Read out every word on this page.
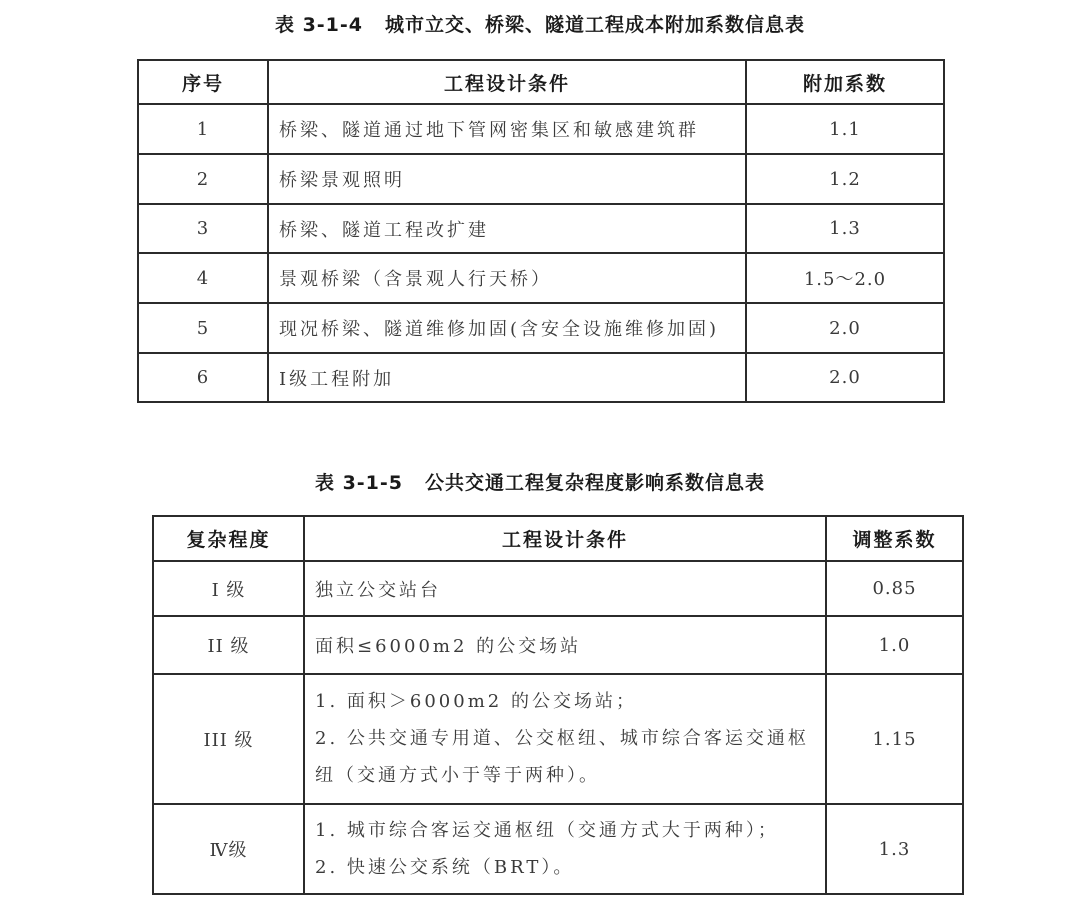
表 3-1-4 城市立交、桥梁、隧道工程成本附加系数信息表
序号	工程设计条件	附加系数
1	桥梁、隧道通过地下管网密集区和敏感建筑群	1.1
2	桥梁景观照明	1.2
3	桥梁、隧道工程改扩建	1.3
4	景观桥梁（含景观人行天桥）	1.5～2.0
5	现况桥梁、隧道维修加固(含安全设施维修加固)	2.0
6	Ⅰ级工程附加	2.0
表 3-1-5 公共交通工程复杂程度影响系数信息表
复杂程度	工程设计条件	调整系数
I 级	独立公交站台	0.85
II 级	面积≤6000m2 的公交场站	1.0
III 级	1. 面积＞6000m2 的公交场站；
2. 公共交通专用道、公交枢纽、城市综合客运交通枢
纽（交通方式小于等于两种）。	1.15
Ⅳ级	1. 城市综合客运交通枢纽（交通方式大于两种）；
2. 快速公交系统（BRT）。	1.3
